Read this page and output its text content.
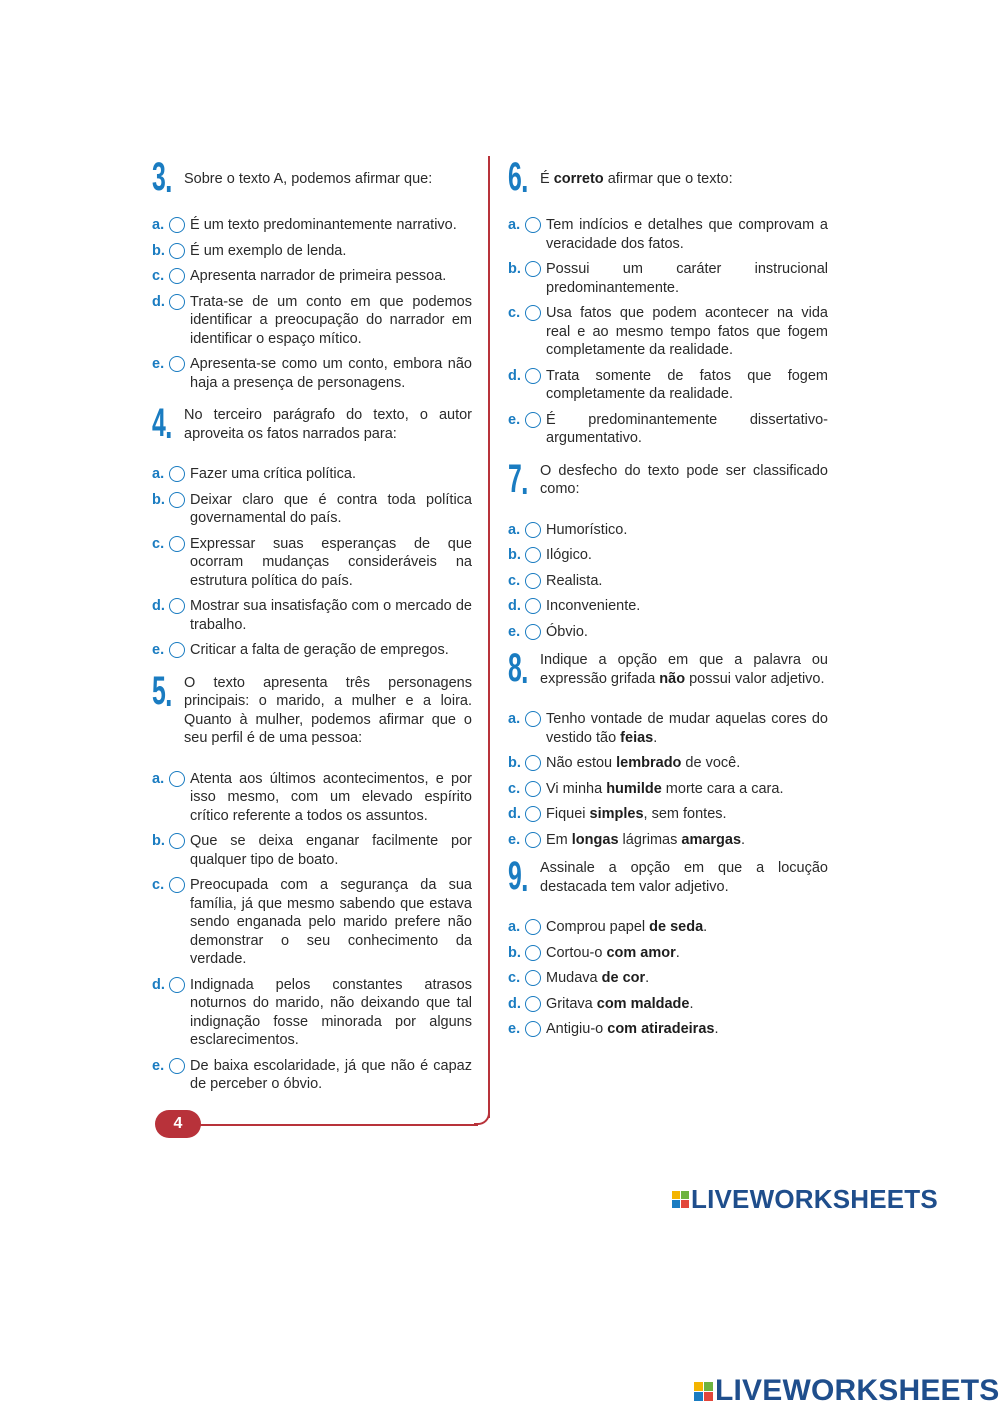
4
3 Sobre o texto A, podemos afirmar que:
a. É um texto predominantemente narrativo.
b. É um exemplo de lenda.
c. Apresenta narrador de primeira pessoa.
d. Trata-se de um conto em que podemos identificar a preocupação do narrador em identificar o espaço mítico.
e. Apresenta-se como um conto, embora não haja a presença de personagens.
4 No terceiro parágrafo do texto, o autor aproveita os fatos narrados para:
a. Fazer uma crítica política.
b. Deixar claro que é contra toda política governamental do país.
c. Expressar suas esperanças de que ocorram mudanças consideráveis na estrutura política do país.
d. Mostrar sua insatisfação com o mercado de trabalho.
e. Criticar a falta de geração de empregos.
5 O texto apresenta três personagens principais: o marido, a mulher e a loira. Quanto à mulher, podemos afirmar que o seu perfil é de uma pessoa:
a. Atenta aos últimos acontecimentos, e por isso mesmo, com um elevado espírito crítico referente a todos os assuntos.
b. Que se deixa enganar facilmente por qualquer tipo de boato.
c. Preocupada com a segurança da sua família, já que mesmo sabendo que estava sendo enganada pelo marido prefere não demonstrar o seu conhecimento da verdade.
d. Indignada pelos constantes atrasos noturnos do marido, não deixando que tal indignação fosse minorada por alguns esclarecimentos.
e. De baixa escolaridade, já que não é capaz de perceber o óbvio.
6 É correto afirmar que o texto:
a. Tem indícios e detalhes que comprovam a veracidade dos fatos.
b. Possui um caráter instrucional predominantemente.
c. Usa fatos que podem acontecer na vida real e ao mesmo tempo fatos que fogem completamente da realidade.
d. Trata somente de fatos que fogem completamente da realidade.
e. É predominantemente dissertativo-argumentativo.
7 O desfecho do texto pode ser classificado como:
a. Humorístico.
b. Ilógico.
c. Realista.
d. Inconveniente.
e. Óbvio.
8 Indique a opção em que a palavra ou expressão grifada não possui valor adjetivo.
a. Tenho vontade de mudar aquelas cores do vestido tão feias.
b. Não estou lembrado de você.
c. Vi minha humilde morte cara a cara.
d. Fiquei simples, sem fontes.
e. Em longas lágrimas amargas.
9 Assinale a opção em que a locução destacada tem valor adjetivo.
a. Comprou papel de seda.
b. Cortou-o com amor.
c. Mudava de cor.
d. Gritava com maldade.
e. Antigiu-o com atiradeiras.
LIVEWORKSHEETS
LIVEWORKSHEETS
